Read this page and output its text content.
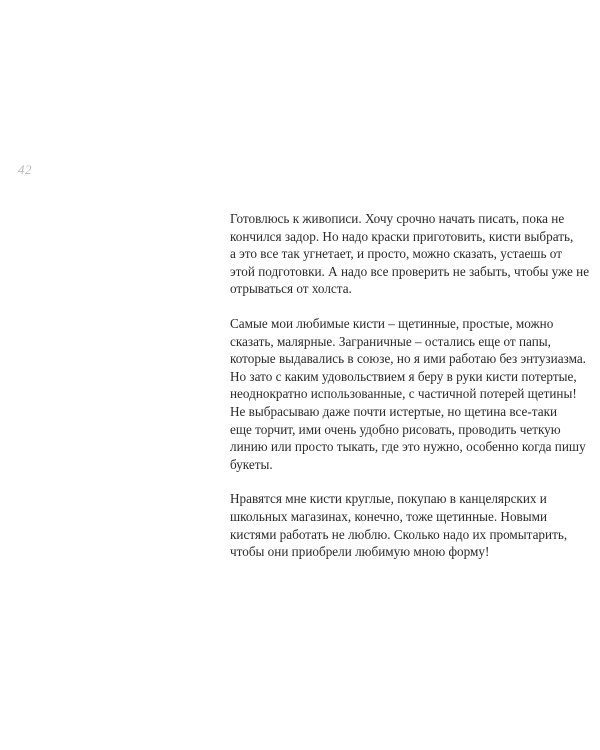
42

Готовлюсь к живописи. Хочу срочно начать писать, пока не
кончился задор. Но надо краски приготовить, кисти выбрать,
а это все так угнетает, и просто, можно сказать, устаешь от
этой подготовки. А надо все проверить не забыть, чтобы уже не
отрываться от холста.

Самые мои любимые кисти – щетинные, простые, можно
сказать, малярные. Заграничные – остались еще от папы,
которые выдавались в союзе, но я ими работаю без энтузиазма.
Но зато с каким удовольствием я беру в руки кисти потертые,
неоднократно использованные, с частичной потерей щетины!
Не выбрасываю даже почти истертые, но щетина все-таки
еще торчит, ими очень удобно рисовать, проводить четкую
линию или просто тыкать, где это нужно, особенно когда пишу
букеты.

Нравятся мне кисти круглые, покупаю в канцелярских и
школьных магазинах, конечно, тоже щетинные. Новыми
кистями работать не люблю. Сколько надо их промытарить,
чтобы они приобрели любимую мною форму!
